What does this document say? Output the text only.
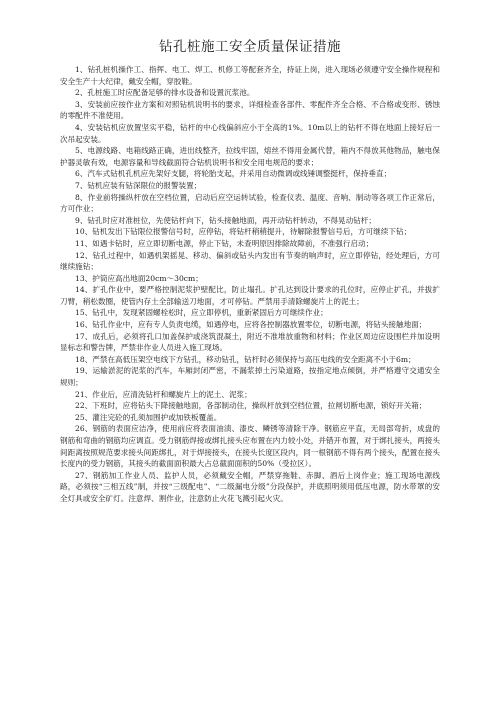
钻孔桩施工安全质量保证措施

1、钻孔桩机操作工、指挥、电工、焊工、机修工等配套齐全，持证上岗，进入现场必须遵守安全操作规程和安全生产十大纪律，戴安全帽，穿胶鞋。

2、孔桩施工时应配备足够的排水设备和设置沉浆池。

3、安装前应按作业方案和对照钻机说明书的要求，详细检查各部件、零配件齐全合格、不合格或变形、锈蚀的零配件不准使用。

4、安装钻机应放置坚实平稳，钻杆的中心线偏斜应小于全高的1%。10m以上的钻杆不得在地面上接好后一次吊起安装。

5、电源线路、电箱线路正确，进出线整齐，拉线牢固，熔丝不得用金属代替，箱内不得放其他物品，触电保护器灵敏有效，电源容量和导线截面符合钻机说明书和安全用电规范的要求；

6、汽车式钻机孔机应先架好支腿，将轮胎支起，并采用自动微调或线锤调整挺杆，保持垂直；

7、钻机应装有钻深限位的报警装置；

8、作业前将操纵杆放在空档位置，启动后应空运转试验，检查仪表、温度、音响、制动等各项工作正常后，方可作业；

9、钻孔时应对准桩位，先使钻杆向下，钻头接触地面，再开动钻杆转动，不得晃动钻杆；

10、钻机发出下钻限位报警信号时，应停钻，将钻杆稍稍提升，待解除报警信号后，方可继续下钻；

11、如遇卡钻时，应立即切断电源，停止下钻，未查明原因排除故障前，不准强行启动；

12、钻孔过程中，如遇机架摇晃、移动、偏斜或钻头内发出有节奏的响声时，应立即停钻，经处理后，方可继续施钻；

13、护筒应高出地面20cm～30cm；

14、扩孔作业中，要严格控制泥浆护壁配比，防止塌孔。扩孔达到设计要求的孔位时，应停止扩孔，并拔扩刀臂，稍松数圈，使管内存土全部输送刀地面，才可停钻。严禁用手清除螺旋片上的泥土；

15、钻孔中，发现紧固螺栓松时，应立即停机，重新紧固后方可继续作业；

16、钻孔作业中，应有专人负责电缆，如遇停电，应将各控制器放置零位，切断电源，将钻头接触地面；

17、成孔后，必须将孔口加盖保护或浇筑混凝土，附近不准堆放重物和材料；作业区周边应设围栏并加设明显标志和警告牌，严禁非作业人员进入施工现场。

18、严禁在高低压架空电线下方钻孔，移动钻孔，钻杆时必须保持与高压电线的安全距离不小于6m；

19、运输淤泥的泥浆的汽车，车厢封闭严密，不漏浆掉土污染道路，按指定地点倾倒，并严格遵守交通安全规则；

21、作业后，应清洗钻杆和螺旋片上的泥土、泥浆；

22、下班时，应将钻头下降接触地面，各部制动住，操纵杆放到空档位置，拉闸切断电源，锁好开关箱；

25、灌注完砼的孔须加围护或加铁板覆盖。

26、钢筋的表面应洁净，使用前应将表面油渍、漆皮、鳞锈等清除干净。钢筋应平直，无局部弯折，成盘的钢筋和弯曲的钢筋均应调直。受力钢筋焊接或绑扎接头应布置在内力较小处，并错开布置，对于绑扎接头，两接头间距离按照规范要求接头间距绑扎，对于焊接接头，在接头长度区段内，同一根钢筋不得有两个接头，配置在接头长度内的受力钢筋，其接头的截面面积最大占总截面面积的50%（受拉区）。

27、钢筋加工作业人员、监护人员，必须戴安全帽，严禁穿拖鞋、赤脚、酒后上岗作业；施工现场电源线路，必须按“三相五线”制，并按“三级配电”、“二级漏电分级”分段保护，并底照明须用低压电源，防水带罩的安全灯具或安全矿灯。注意焊、割作业，注意防止火花飞溅引起火灾。
